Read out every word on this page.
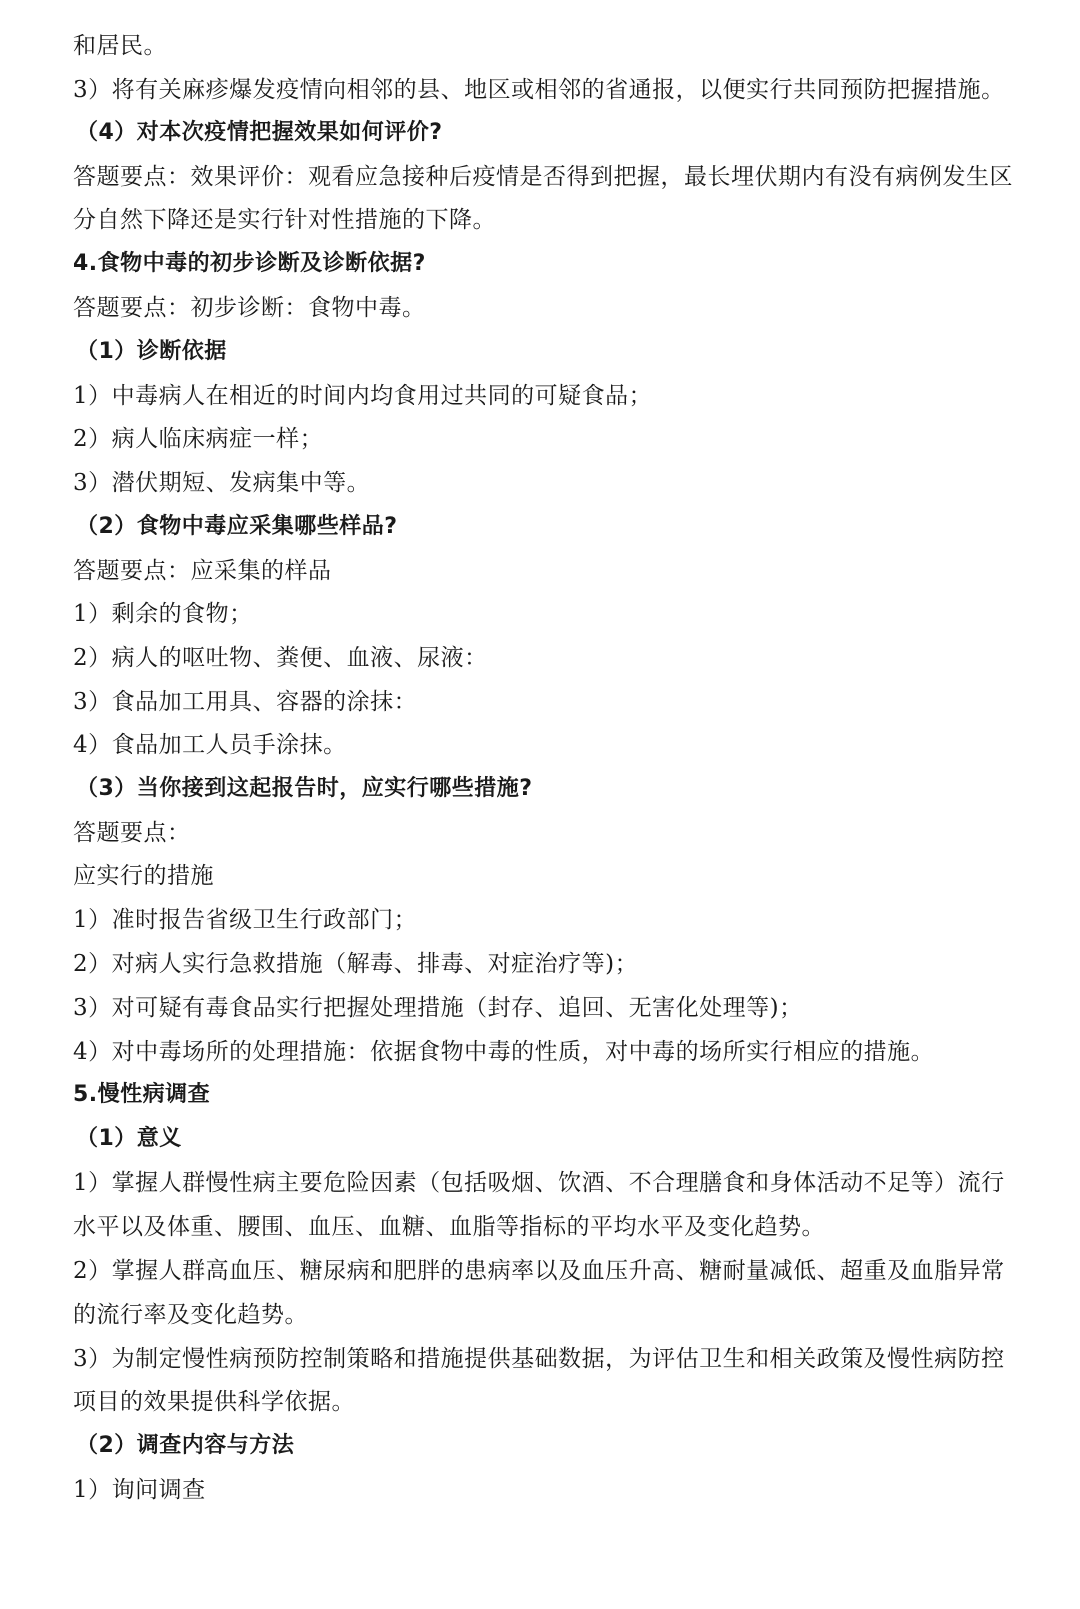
和居民。
3）将有关麻疹爆发疫情向相邻的县、地区或相邻的省通报，以便实行共同预防把握措施。
（4）对本次疫情把握效果如何评价?
答题要点：效果评价：观看应急接种后疫情是否得到把握，最长埋伏期内有没有病例发生区
分自然下降还是实行针对性措施的下降。
4.食物中毒的初步诊断及诊断依据?
答题要点：初步诊断：食物中毒。
（1）诊断依据
1）中毒病人在相近的时间内均食用过共同的可疑食品；
2）病人临床病症一样；
3）潜伏期短、发病集中等。
（2）食物中毒应采集哪些样品?
答题要点：应采集的样品
1）剩余的食物；
2）病人的呕吐物、粪便、血液、尿液：
3）食品加工用具、容器的涂抹：
4）食品加工人员手涂抹。
（3）当你接到这起报告时，应实行哪些措施?
答题要点：
应实行的措施
1）准时报告省级卫生行政部门；
2）对病人实行急救措施（解毒、排毒、对症治疗等)；
3）对可疑有毒食品实行把握处理措施（封存、追回、无害化处理等)；
4）对中毒场所的处理措施：依据食物中毒的性质，对中毒的场所实行相应的措施。
5.慢性病调查
（1）意义
1）掌握人群慢性病主要危险因素（包括吸烟、饮酒、不合理膳食和身体活动不足等）流行
水平以及体重、腰围、血压、血糖、血脂等指标的平均水平及变化趋势。
2）掌握人群高血压、糖尿病和肥胖的患病率以及血压升高、糖耐量减低、超重及血脂异常
的流行率及变化趋势。
3）为制定慢性病预防控制策略和措施提供基础数据，为评估卫生和相关政策及慢性病防控
项目的效果提供科学依据。
（2）调查内容与方法
1）询问调查
